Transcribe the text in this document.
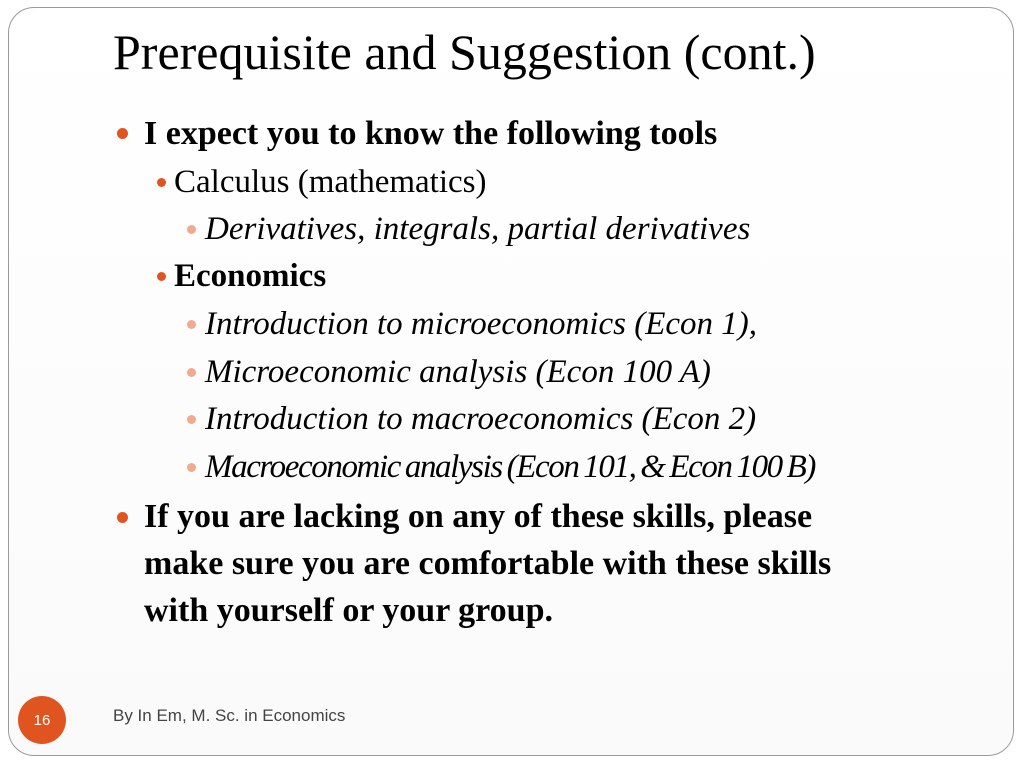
Prerequisite and Suggestion (cont.)
I expect you to know the following tools
Calculus (mathematics)
Derivatives, integrals, partial derivatives
Economics
Introduction to microeconomics (Econ 1),
Microeconomic analysis (Econ 100 A)
Introduction to macroeconomics (Econ 2)
Macroeconomic analysis (Econ 101, & Econ 100 B)
If you are lacking on any of these skills, please
make sure you are comfortable with these skills
with yourself or your group.
16	By In Em, M. Sc. in Economics
